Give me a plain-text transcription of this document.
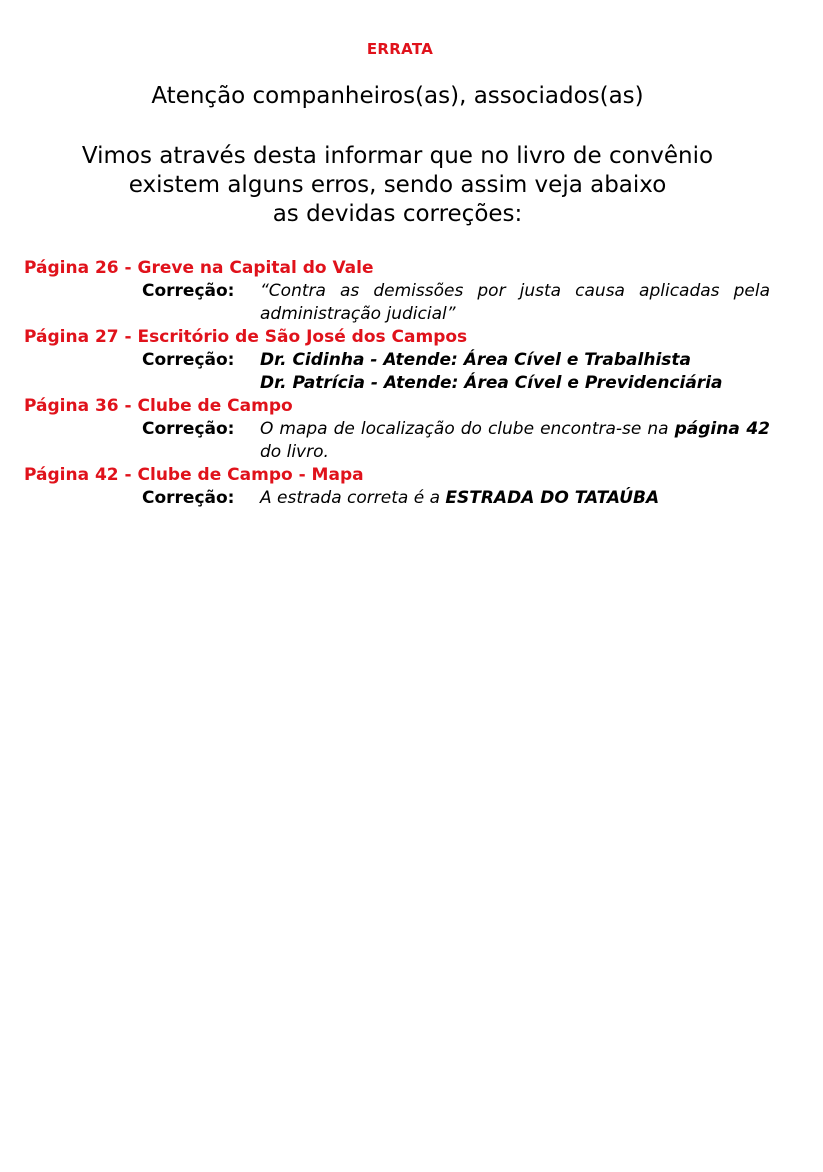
ERRATA
Atenção companheiros(as), associados(as)
Vimos através desta informar que no livro de convênio
existem alguns erros, sendo assim veja abaixo
as devidas correções:
Página 26 - Greve na Capital do Vale
Correção:	“Contra as demissões por justa causa aplicadas pela administração judicial”
Página 27 - Escritório de São José dos Campos
Correção:	Dr. Cidinha - Atende: Área Cível e Trabalhista
Dr. Patrícia - Atende: Área Cível e Previdenciária
Página 36 - Clube de Campo
Correção:	O mapa de localização do clube encontra-se na página 42 do livro.
Página 42 - Clube de Campo - Mapa
Correção:	A estrada correta é a ESTRADA DO TATAÚBA
